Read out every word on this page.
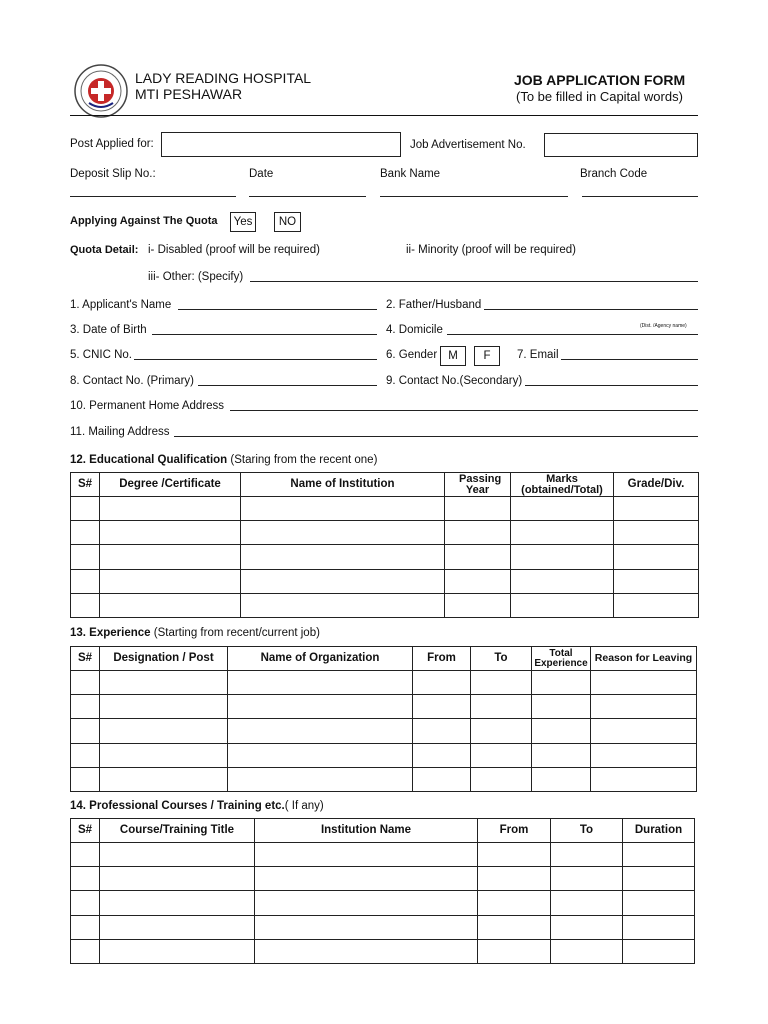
LADY READING HOSPITAL
MTI PESHAWAR
JOB APPLICATION FORM
(To be filled in Capital words)
Post Applied for:	Job Advertisement No.
Deposit Slip No.:	Date	Bank Name	Branch Code
Applying Against The Quota	Yes	NO
Quota Detail: i- Disabled (proof will be required)	ii- Minority (proof will be required)
iii- Other: (Specify)
1. Applicant's Name	2. Father/Husband
3. Date of Birth	4. Domicile	(Dist. /Agency name)
5. CNIC No.	6. Gender M	F	7. Email
8. Contact No. (Primary)	9. Contact No.(Secondary)
10. Permanent Home Address
11. Mailing Address
12. Educational Qualification (Staring from the recent one)
S#	Degree /Certificate	Name of Institution	Passing Year	Marks (obtained/Total)	Grade/Div.

13. Experience (Starting from recent/current job)
S#	Designation / Post	Name of Organization	From	To	Total Experience	Reason for Leaving

14. Professional Courses / Training etc.( If any)
S#	Course/Training Title	Institution Name	From	To	Duration
